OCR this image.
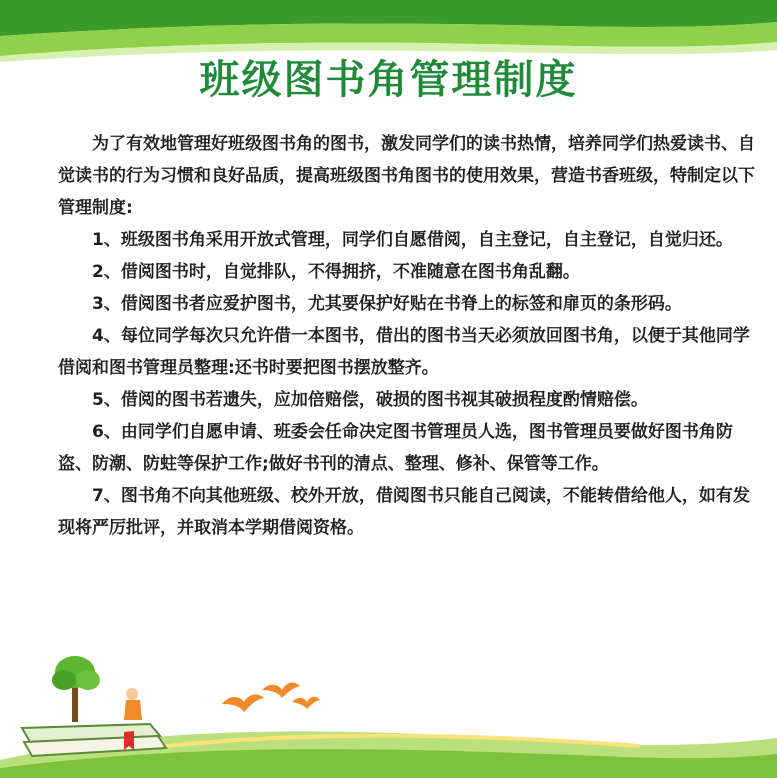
班级图书角管理制度

为了有效地管理好班级图书角的图书，激发同学们的读书热情，培养同学们热爱读书、自觉读书的行为习惯和良好品质，提高班级图书角图书的使用效果，营造书香班级，特制定以下管理制度:

1、班级图书角采用开放式管理，同学们自愿借阅，自主登记，自主登记，自觉归还。

2、借阅图书时，自觉排队，不得拥挤，不准随意在图书角乱翻。

3、借阅图书者应爱护图书，尤其要保护好贴在书脊上的标签和扉页的条形码。

4、每位同学每次只允许借一本图书，借出的图书当天必须放回图书角，以便于其他同学借阅和图书管理员整理:还书时要把图书摆放整齐。

5、借阅的图书若遗失，应加倍赔偿，破损的图书视其破损程度酌情赔偿。

6、由同学们自愿申请、班委会任命决定图书管理员人选，图书管理员要做好图书角防盗、防潮、防蛀等保护工作;做好书刊的清点、整理、修补、保管等工作。

7、图书角不向其他班级、校外开放，借阅图书只能自己阅读，不能转借给他人，如有发现将严厉批评，并取消本学期借阅资格。
